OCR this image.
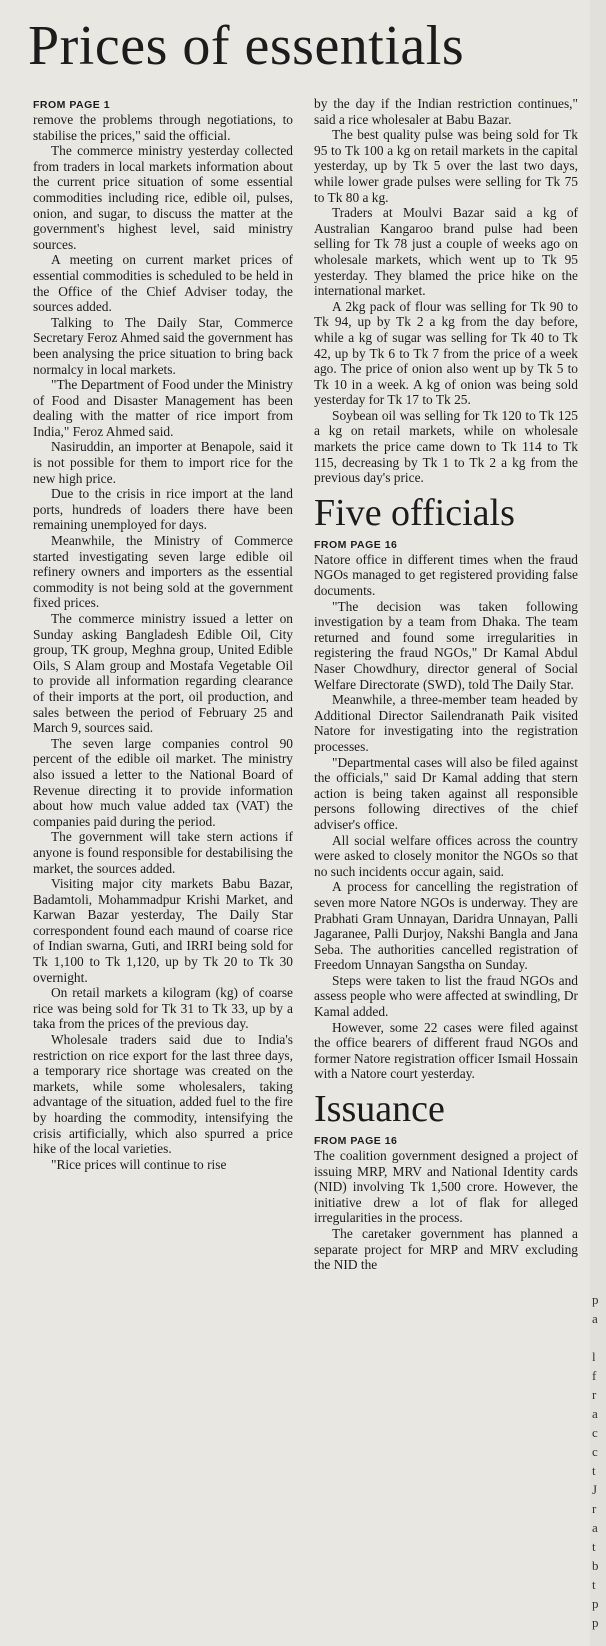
Prices of essentials
FROM PAGE 1

remove the problems through negotiations, to stabilise the prices," said the official.

The commerce ministry yesterday collected from traders in local markets information about the current price situation of some essential commodities including rice, edible oil, pulses, onion, and sugar, to discuss the matter at the government's highest level, said ministry sources.

A meeting on current market prices of essential commodities is scheduled to be held in the Office of the Chief Adviser today, the sources added.

Talking to The Daily Star, Commerce Secretary Feroz Ahmed said the government has been analysing the price situation to bring back normalcy in local markets.

"The Department of Food under the Ministry of Food and Disaster Management has been dealing with the matter of rice import from India," Feroz Ahmed said.

Nasiruddin, an importer at Benapole, said it is not possible for them to import rice for the new high price.

Due to the crisis in rice import at the land ports, hundreds of loaders there have been remaining unemployed for days.

Meanwhile, the Ministry of Commerce started investigating seven large edible oil refinery owners and importers as the essential commodity is not being sold at the government fixed prices.

The commerce ministry issued a letter on Sunday asking Bangladesh Edible Oil, City group, TK group, Meghna group, United Edible Oils, S Alam group and Mostafa Vegetable Oil to provide all information regarding clearance of their imports at the port, oil production, and sales between the period of February 25 and March 9, sources said.

The seven large companies control 90 percent of the edible oil market. The ministry also issued a letter to the National Board of Revenue directing it to provide information about how much value added tax (VAT) the companies paid during the period.

The government will take stern actions if anyone is found responsible for destabilising the market, the sources added.

Visiting major city markets Babu Bazar, Badamtoli, Mohammadpur Krishi Market, and Karwan Bazar yesterday, The Daily Star correspondent found each maund of coarse rice of Indian swarna, Guti, and IRRI being sold for Tk 1,100 to Tk 1,120, up by Tk 20 to Tk 30 overnight.

On retail markets a kilogram (kg) of coarse rice was being sold for Tk 31 to Tk 33, up by a taka from the prices of the previous day.

Wholesale traders said due to India's restriction on rice export for the last three days, a temporary rice shortage was created on the markets, while some wholesalers, taking advantage of the situation, added fuel to the fire by hoarding the commodity, intensifying the crisis artificially, which also spurred a price hike of the local varieties.

"Rice prices will continue to rise

by the day if the Indian restriction continues," said a rice wholesaler at Babu Bazar.

The best quality pulse was being sold for Tk 95 to Tk 100 a kg on retail markets in the capital yesterday, up by Tk 5 over the last two days, while lower grade pulses were selling for Tk 75 to Tk 80 a kg.

Traders at Moulvi Bazar said a kg of Australian Kangaroo brand pulse had been selling for Tk 78 just a couple of weeks ago on wholesale markets, which went up to Tk 95 yesterday. They blamed the price hike on the international market.

A 2kg pack of flour was selling for Tk 90 to Tk 94, up by Tk 2 a kg from the day before, while a kg of sugar was selling for Tk 40 to Tk 42, up by Tk 6 to Tk 7 from the price of a week ago. The price of onion also went up by Tk 5 to Tk 10 in a week. A kg of onion was being sold yesterday for Tk 17 to Tk 25.

Soybean oil was selling for Tk 120 to Tk 125 a kg on retail markets, while on wholesale markets the price came down to Tk 114 to Tk 115, decreasing by Tk 1 to Tk 2 a kg from the previous day's price.

Five officials
FROM PAGE 16

Natore office in different times when the fraud NGOs managed to get registered providing false documents.

"The decision was taken following investigation by a team from Dhaka. The team returned and found some irregularities in registering the fraud NGOs," Dr Kamal Abdul Naser Chowdhury, director general of Social Welfare Directorate (SWD), told The Daily Star.

Meanwhile, a three-member team headed by Additional Director Sailendranath Paik visited Natore for investigating into the registration processes.

"Departmental cases will also be filed against the officials," said Dr Kamal adding that stern action is being taken against all responsible persons following directives of the chief adviser's office.

All social welfare offices across the country were asked to closely monitor the NGOs so that no such incidents occur again, said.

A process for cancelling the registration of seven more Natore NGOs is underway. They are Prabhati Gram Unnayan, Daridra Unnayan, Palli Jagaranee, Palli Durjoy, Nakshi Bangla and Jana Seba. The authorities cancelled registration of Freedom Unnayan Sangstha on Sunday.

Steps were taken to list the fraud NGOs and assess people who were affected at swindling, Dr Kamal added.

However, some 22 cases were filed against the office bearers of different fraud NGOs and former Natore registration officer Ismail Hossain with a Natore court yesterday.

Issuance
FROM PAGE 16

The coalition government designed a project of issuing MRP, MRV and National Identity cards (NID) involving Tk 1,500 crore. However, the initiative drew a lot of flak for alleged irregularities in the process.

The caretaker government has planned a separate project for MRP and MRV excluding the NID the

p
a
l
f
r
a
c
c
t
J
r
a
t
b
t
p
p
